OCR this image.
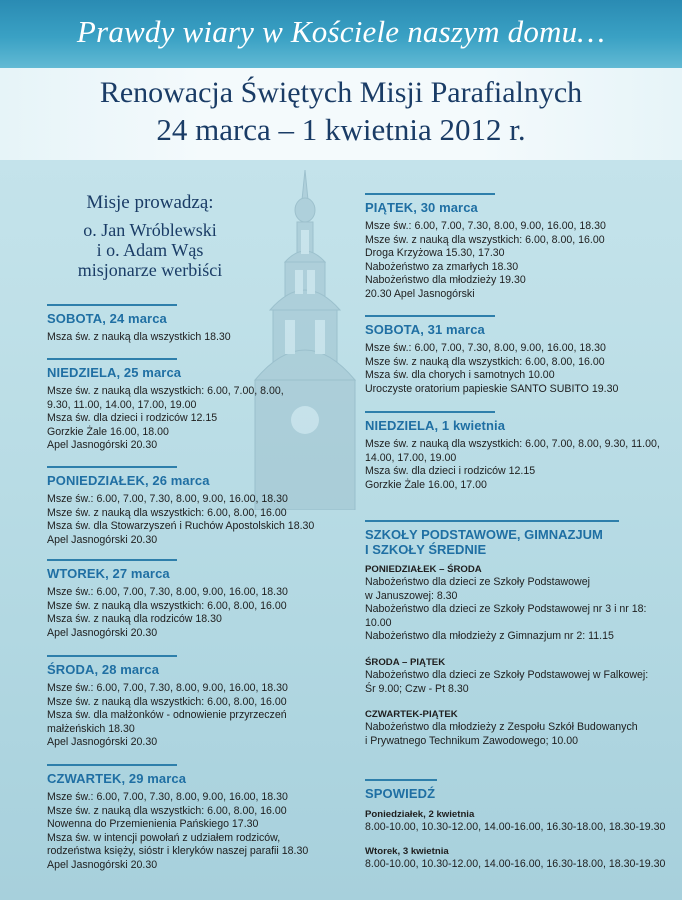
Prawdy wiary w Kościele naszym domu…
Renowacja Świętych Misji Parafialnych
24 marca – 1 kwietnia 2012 r.
Misje prowadzą:
o. Jan Wróblewski
i o. Adam Wąs
misjonarze werbiści
SOBOTA, 24 marca
Msza św. z nauką dla wszystkich 18.30
NIEDZIELA, 25 marca
Msze św. z nauką dla wszystkich: 6.00, 7.00, 8.00,
9.30, 11.00, 14.00, 17.00, 19.00
Msza św. dla dzieci i rodziców 12.15
Gorzkie Żale 16.00, 18.00
Apel Jasnogórski 20.30
PONIEDZIAŁEK, 26 marca
Msze św.: 6.00, 7.00, 7.30, 8.00, 9.00, 16.00, 18.30
Msze św. z nauką dla wszystkich: 6.00, 8.00, 16.00
Msza św. dla Stowarzyszeń i Ruchów Apostolskich 18.30
Apel Jasnogórski 20.30
WTOREK, 27 marca
Msze św.: 6.00, 7.00, 7.30, 8.00, 9.00, 16.00, 18.30
Msze św. z nauką dla wszystkich: 6.00, 8.00, 16.00
Msza św. z nauką dla rodziców 18.30
Apel Jasnogórski 20.30
ŚRODA, 28 marca
Msze św.: 6.00, 7.00, 7.30, 8.00, 9.00, 16.00, 18.30
Msze św. z nauką dla wszystkich: 6.00, 8.00, 16.00
Msza św. dla małżonków - odnowienie przyrzeczeń
małżeńskich 18.30
Apel Jasnogórski 20.30
CZWARTEK, 29 marca
Msze św.: 6.00, 7.00, 7.30, 8.00, 9.00, 16.00, 18.30
Msze św. z nauką dla wszystkich: 6.00, 8.00, 16.00
Nowenna do Przemienienia Pańskiego 17.30
Msza św. w intencji powołań z udziałem rodziców,
rodzeństwa księży, sióstr i kleryków naszej parafii 18.30
Apel Jasnogórski 20.30
PIĄTEK, 30 marca
Msze św.: 6.00, 7.00, 7.30, 8.00, 9.00, 16.00, 18.30
Msze św. z nauką dla wszystkich: 6.00, 8.00, 16.00
Droga Krzyżowa 15.30, 17.30
Nabożeństwo za zmarłych 18.30
Nabożeństwo dla młodzieży 19.30
20.30 Apel Jasnogórski
SOBOTA, 31 marca
Msze św.: 6.00, 7.00, 7.30, 8.00, 9.00, 16.00, 18.30
Msze św. z nauką dla wszystkich: 6.00, 8.00, 16.00
Msza św. dla chorych i samotnych 10.00
Uroczyste oratorium papieskie SANTO SUBITO 19.30
NIEDZIELA, 1 kwietnia
Msze św. z nauką dla wszystkich: 6.00, 7.00, 8.00, 9.30, 11.00,
14.00, 17.00, 19.00
Msza św. dla dzieci i rodziców 12.15
Gorzkie Żale 16.00, 17.00
SZKOŁY PODSTAWOWE, GIMNAZJUM
I SZKOŁY ŚREDNIE
PONIEDZIAŁEK – ŚRODA
Nabożeństwo dla dzieci ze Szkoły Podstawowej
w Januszowej: 8.30
Nabożeństwo dla dzieci ze Szkoły Podstawowej nr 3 i nr 18:
10.00
Nabożeństwo dla młodzieży z Gimnazjum nr 2: 11.15
ŚRODA – PIĄTEK
Nabożeństwo dla dzieci ze Szkoły Podstawowej w Falkowej:
Śr 9.00; Czw - Pt 8.30
CZWARTEK-PIĄTEK
Nabożeństwo dla młodzieży z Zespołu Szkół Budowanych
i Prywatnego Technikum Zawodowego; 10.00
SPOWIEDŹ
Poniedziałek, 2 kwietnia
8.00-10.00, 10.30-12.00, 14.00-16.00, 16.30-18.00, 18.30-19.30
Wtorek, 3 kwietnia
8.00-10.00, 10.30-12.00, 14.00-16.00, 16.30-18.00, 18.30-19.30
